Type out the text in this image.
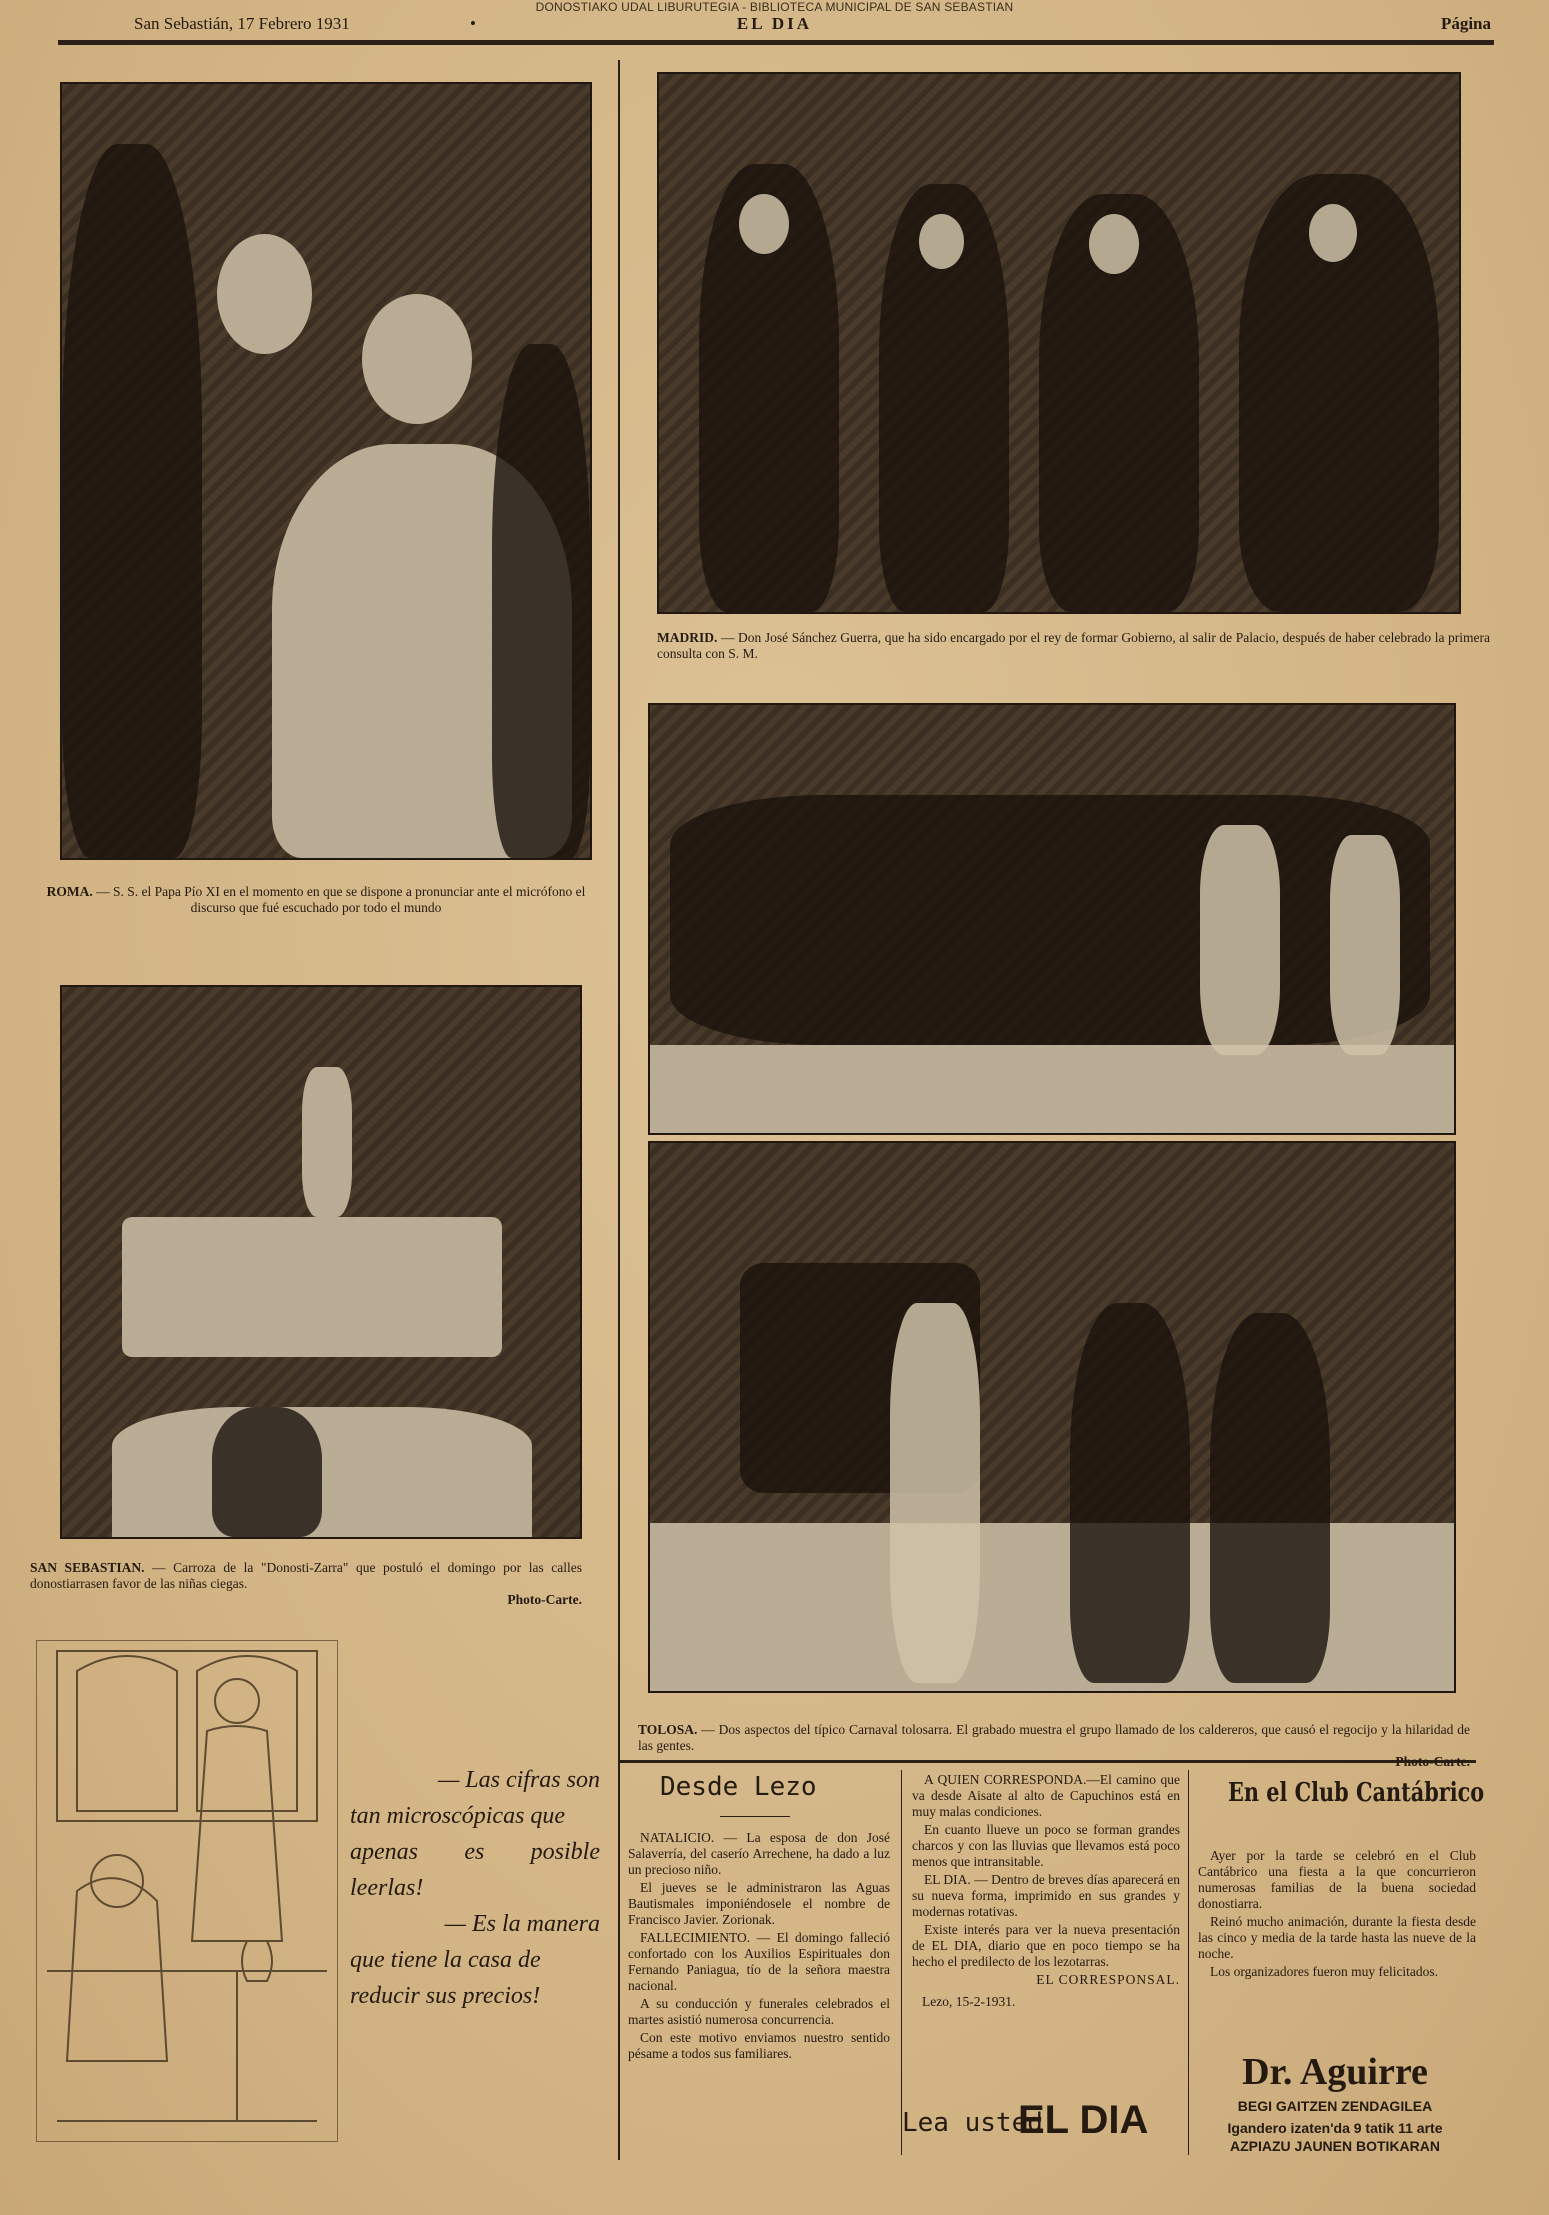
DONOSTIAKO UDAL LIBURUTEGIA - BIBLIOTECA MUNICIPAL DE SAN SEBASTIAN
San Sebastián, 17 Febrero 1931	•	EL DIA	Página
ROMA. — S. S. el Papa Pío XI en el momento en que se dispone a pronunciar ante el micrófono el discurso que fué escuchado por todo el mundo
MADRID. — Don José Sánchez Guerra, que ha sido encargado por el rey de formar Gobierno, al salir de Palacio, después de haber celebrado la primera consulta con S. M.
SAN SEBASTIAN. — Carroza de la "Donosti-Zarra" que postuló el domingo por las calles donostiarrasen favor de las niñas ciegas.
Photo-Carte.
TOLOSA. — Dos aspectos del típico Carnaval tolosarra. El grabado muestra el grupo llamado de los caldereros, que causó el regocijo y la hilaridad de las gentes.
Photo-Carte.
— Las cifras son
tan microscópicas que
apenas es posible
leerlas!
— Es la manera
que tiene la casa de
reducir sus precios!
Desde Lezo

NATALICIO. — La esposa de don José Salaverría, del caserío Arrechene, ha dado a luz un precioso niño.

El jueves se le administraron las Aguas Bautismales imponiéndosele el nombre de Francisco Javier. Zorionak.

FALLECIMIENTO. — El domingo falleció confortado con los Auxilios Espirituales don Fernando Paniagua, tío de la señora maestra nacional.

A su conducción y funerales celebrados el martes asistió numerosa concurrencia.

Con este motivo enviamos nuestro sentido pésame a todos sus familiares.

A QUIEN CORRESPONDA.—El camino que va desde Aisate al alto de Capuchinos está en muy malas condiciones.

En cuanto llueve un poco se forman grandes charcos y con las lluvias que llevamos está poco menos que intransitable.

EL DIA. — Dentro de breves días aparecerá en su nueva forma, imprimido en sus grandes y modernas rotativas.

Existe interés para ver la nueva presentación de EL DIA, diario que en poco tiempo se ha hecho el predilecto de los lezotarras.

EL CORRESPONSAL.
Lezo, 15-2-1931.
Lea usted
EL DIA
En el Club Cantábrico

Ayer por la tarde se celebró en el Club Cantábrico una fiesta a la que concurrieron numerosas familias de la buena sociedad donostiarra.

Reinó mucho animación, durante la fiesta desde las cinco y media de la tarde hasta las nueve de la noche.

Los organizadores fueron muy felicitados.

Dr. Aguirre
BEGI GAITZEN ZENDAGILEA
Igandero izaten'da 9 tatik 11 arte
AZPIAZU JAUNEN BOTIKARAN
